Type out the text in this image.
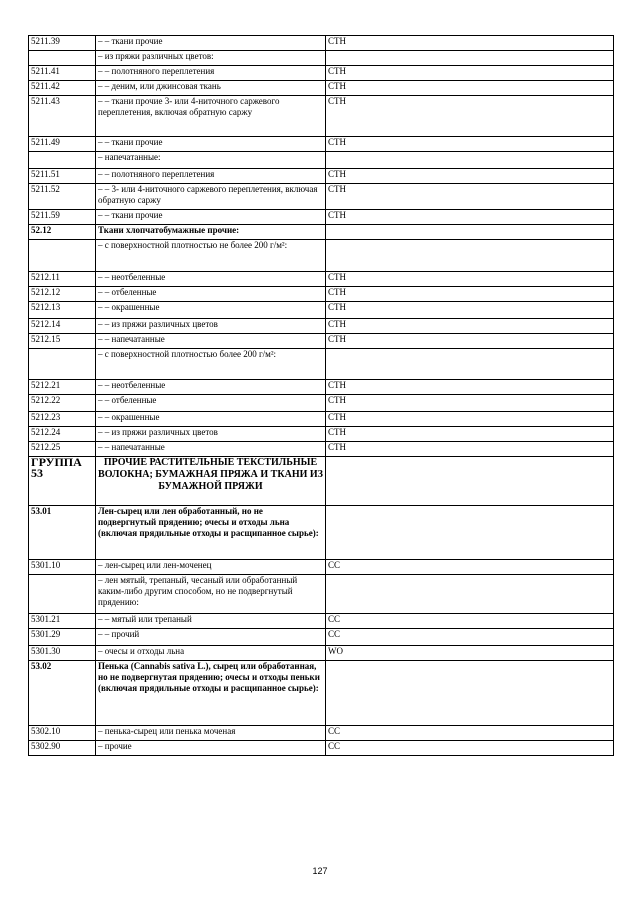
5211.39	– – ткани прочие	СТН
	– из пряжи различных цветов:	
5211.41	– – полотняного переплетения	СТН
5211.42	– – деним, или джинсовая ткань	СТН
5211.43	– – ткани прочие 3- или 4-ниточного саржевого переплетения, включая обратную саржу	СТН
5211.49	– – ткани прочие	СТН
	– напечатанные:	
5211.51	– – полотняного переплетения	СТН
5211.52	– – 3- или 4-ниточного саржевого переплетения, включая обратную саржу	СТН
5211.59	– – ткани прочие	СТН
52.12	Ткани хлопчатобумажные прочие:	
	– с поверхностной плотностью не более 200 г/м²:	
5212.11	– – неотбеленные	СТН
5212.12	– – отбеленные	СТН
5212.13	– – окрашенные	СТН
5212.14	– – из пряжи различных цветов	СТН
5212.15	– – напечатанные	СТН
	– с поверхностной плотностью более 200 г/м²:	
5212.21	– – неотбеленные	СТН
5212.22	– – отбеленные	СТН
5212.23	– – окрашенные	СТН
5212.24	– – из пряжи различных цветов	СТН
5212.25	– – напечатанные	СТН
ГРУППА 53	ПРОЧИЕ РАСТИТЕЛЬНЫЕ ТЕКСТИЛЬНЫЕ ВОЛОКНА; БУМАЖНАЯ ПРЯЖА И ТКАНИ ИЗ БУМАЖНОЙ ПРЯЖИ	
53.01	Лен-сырец или лен обработанный, но не подвергнутый прядению; очесы и отходы льна (включая прядильные отходы и расщипанное сырье):	
5301.10	– лен-сырец или лен-моченец	СС
	– лен мятый, трепаный, чесаный или обработанный каким-либо другим способом, но не подвергнутый прядению:	
5301.21	– – мятый или трепаный	СС
5301.29	– – прочий	СС
5301.30	– очесы и отходы льна	WO
53.02	Пенька (Cannabis sativa L.), сырец или обработанная, но не подвергнутая прядению; очесы и отходы пеньки (включая прядильные отходы и расщипанное сырье):	
5302.10	– пенька-сырец или пенька моченая	СС
5302.90	– прочие	СС
127
